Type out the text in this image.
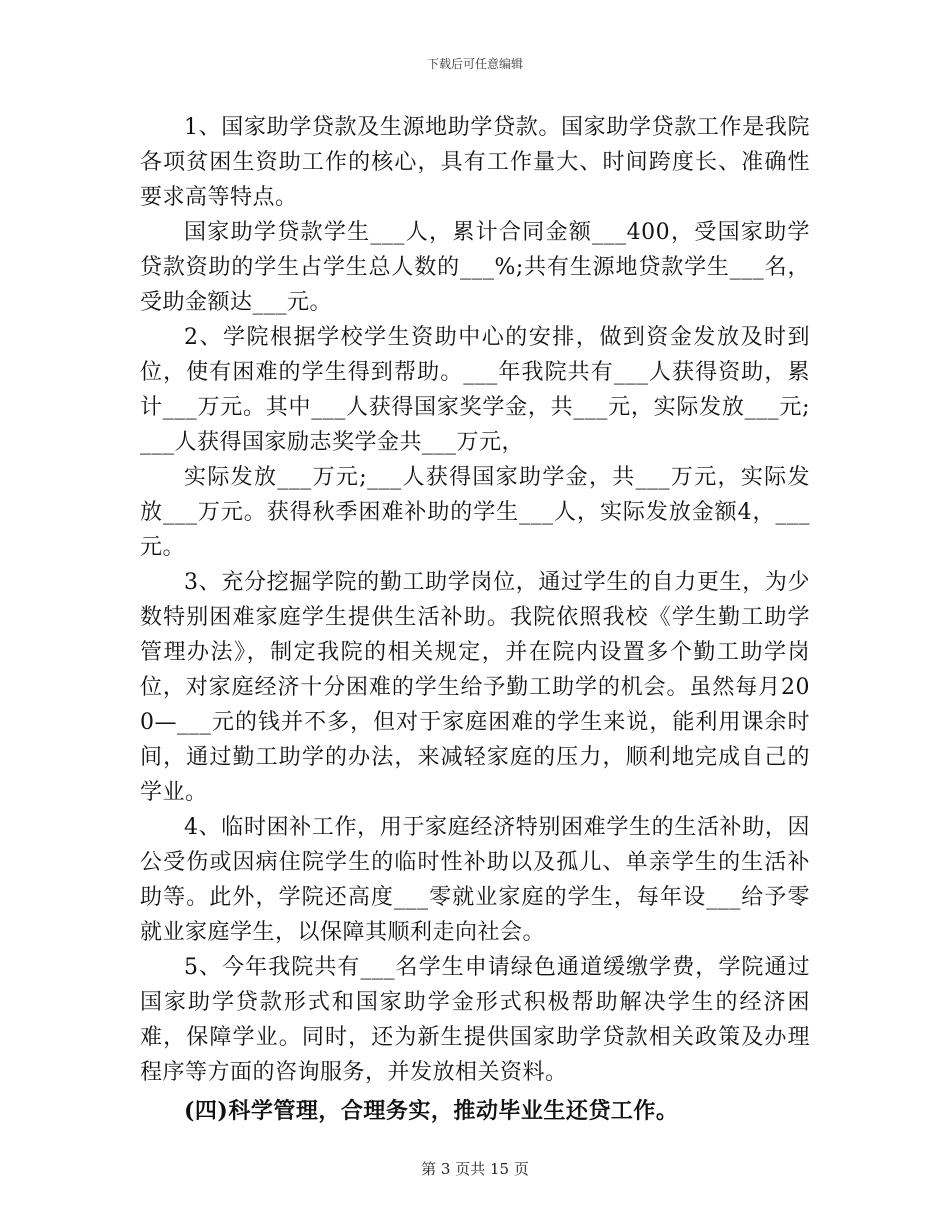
下载后可任意编辑

1、国家助学贷款及生源地助学贷款。国家助学贷款工作是我院各项贫困生资助工作的核心，具有工作量大、时间跨度长、准确性要求高等特点。

国家助学贷款学生___人，累计合同金额___400，受国家助学贷款资助的学生占学生总人数的___%;共有生源地贷款学生___名，受助金额达___元。

2、学院根据学校学生资助中心的安排，做到资金发放及时到位，使有困难的学生得到帮助。___年我院共有___人获得资助，累计___万元。其中___人获得国家奖学金，共___元，实际发放___元;___人获得国家励志奖学金共___万元，

实际发放___万元;___人获得国家助学金，共___万元，实际发放___万元。获得秋季困难补助的学生___人，实际发放金额4，___元。

3、充分挖掘学院的勤工助学岗位，通过学生的自力更生，为少数特别困难家庭学生提供生活补助。我院依照我校《学生勤工助学管理办法》，制定我院的相关规定，并在院内设置多个勤工助学岗位，对家庭经济十分困难的学生给予勤工助学的机会。虽然每月200—___元的钱并不多，但对于家庭困难的学生来说，能利用课余时间，通过勤工助学的办法，来减轻家庭的压力，顺利地完成自己的学业。

4、临时困补工作，用于家庭经济特别困难学生的生活补助，因公受伤或因病住院学生的临时性补助以及孤儿、单亲学生的生活补助等。此外，学院还高度___零就业家庭的学生，每年设___给予零就业家庭学生，以保障其顺利走向社会。

5、今年我院共有___名学生申请绿色通道缓缴学费，学院通过国家助学贷款形式和国家助学金形式积极帮助解决学生的经济困难，保障学业。同时，还为新生提供国家助学贷款相关政策及办理程序等方面的咨询服务，并发放相关资料。

(四)科学管理，合理务实，推动毕业生还贷工作。

第 3 页共 15 页
